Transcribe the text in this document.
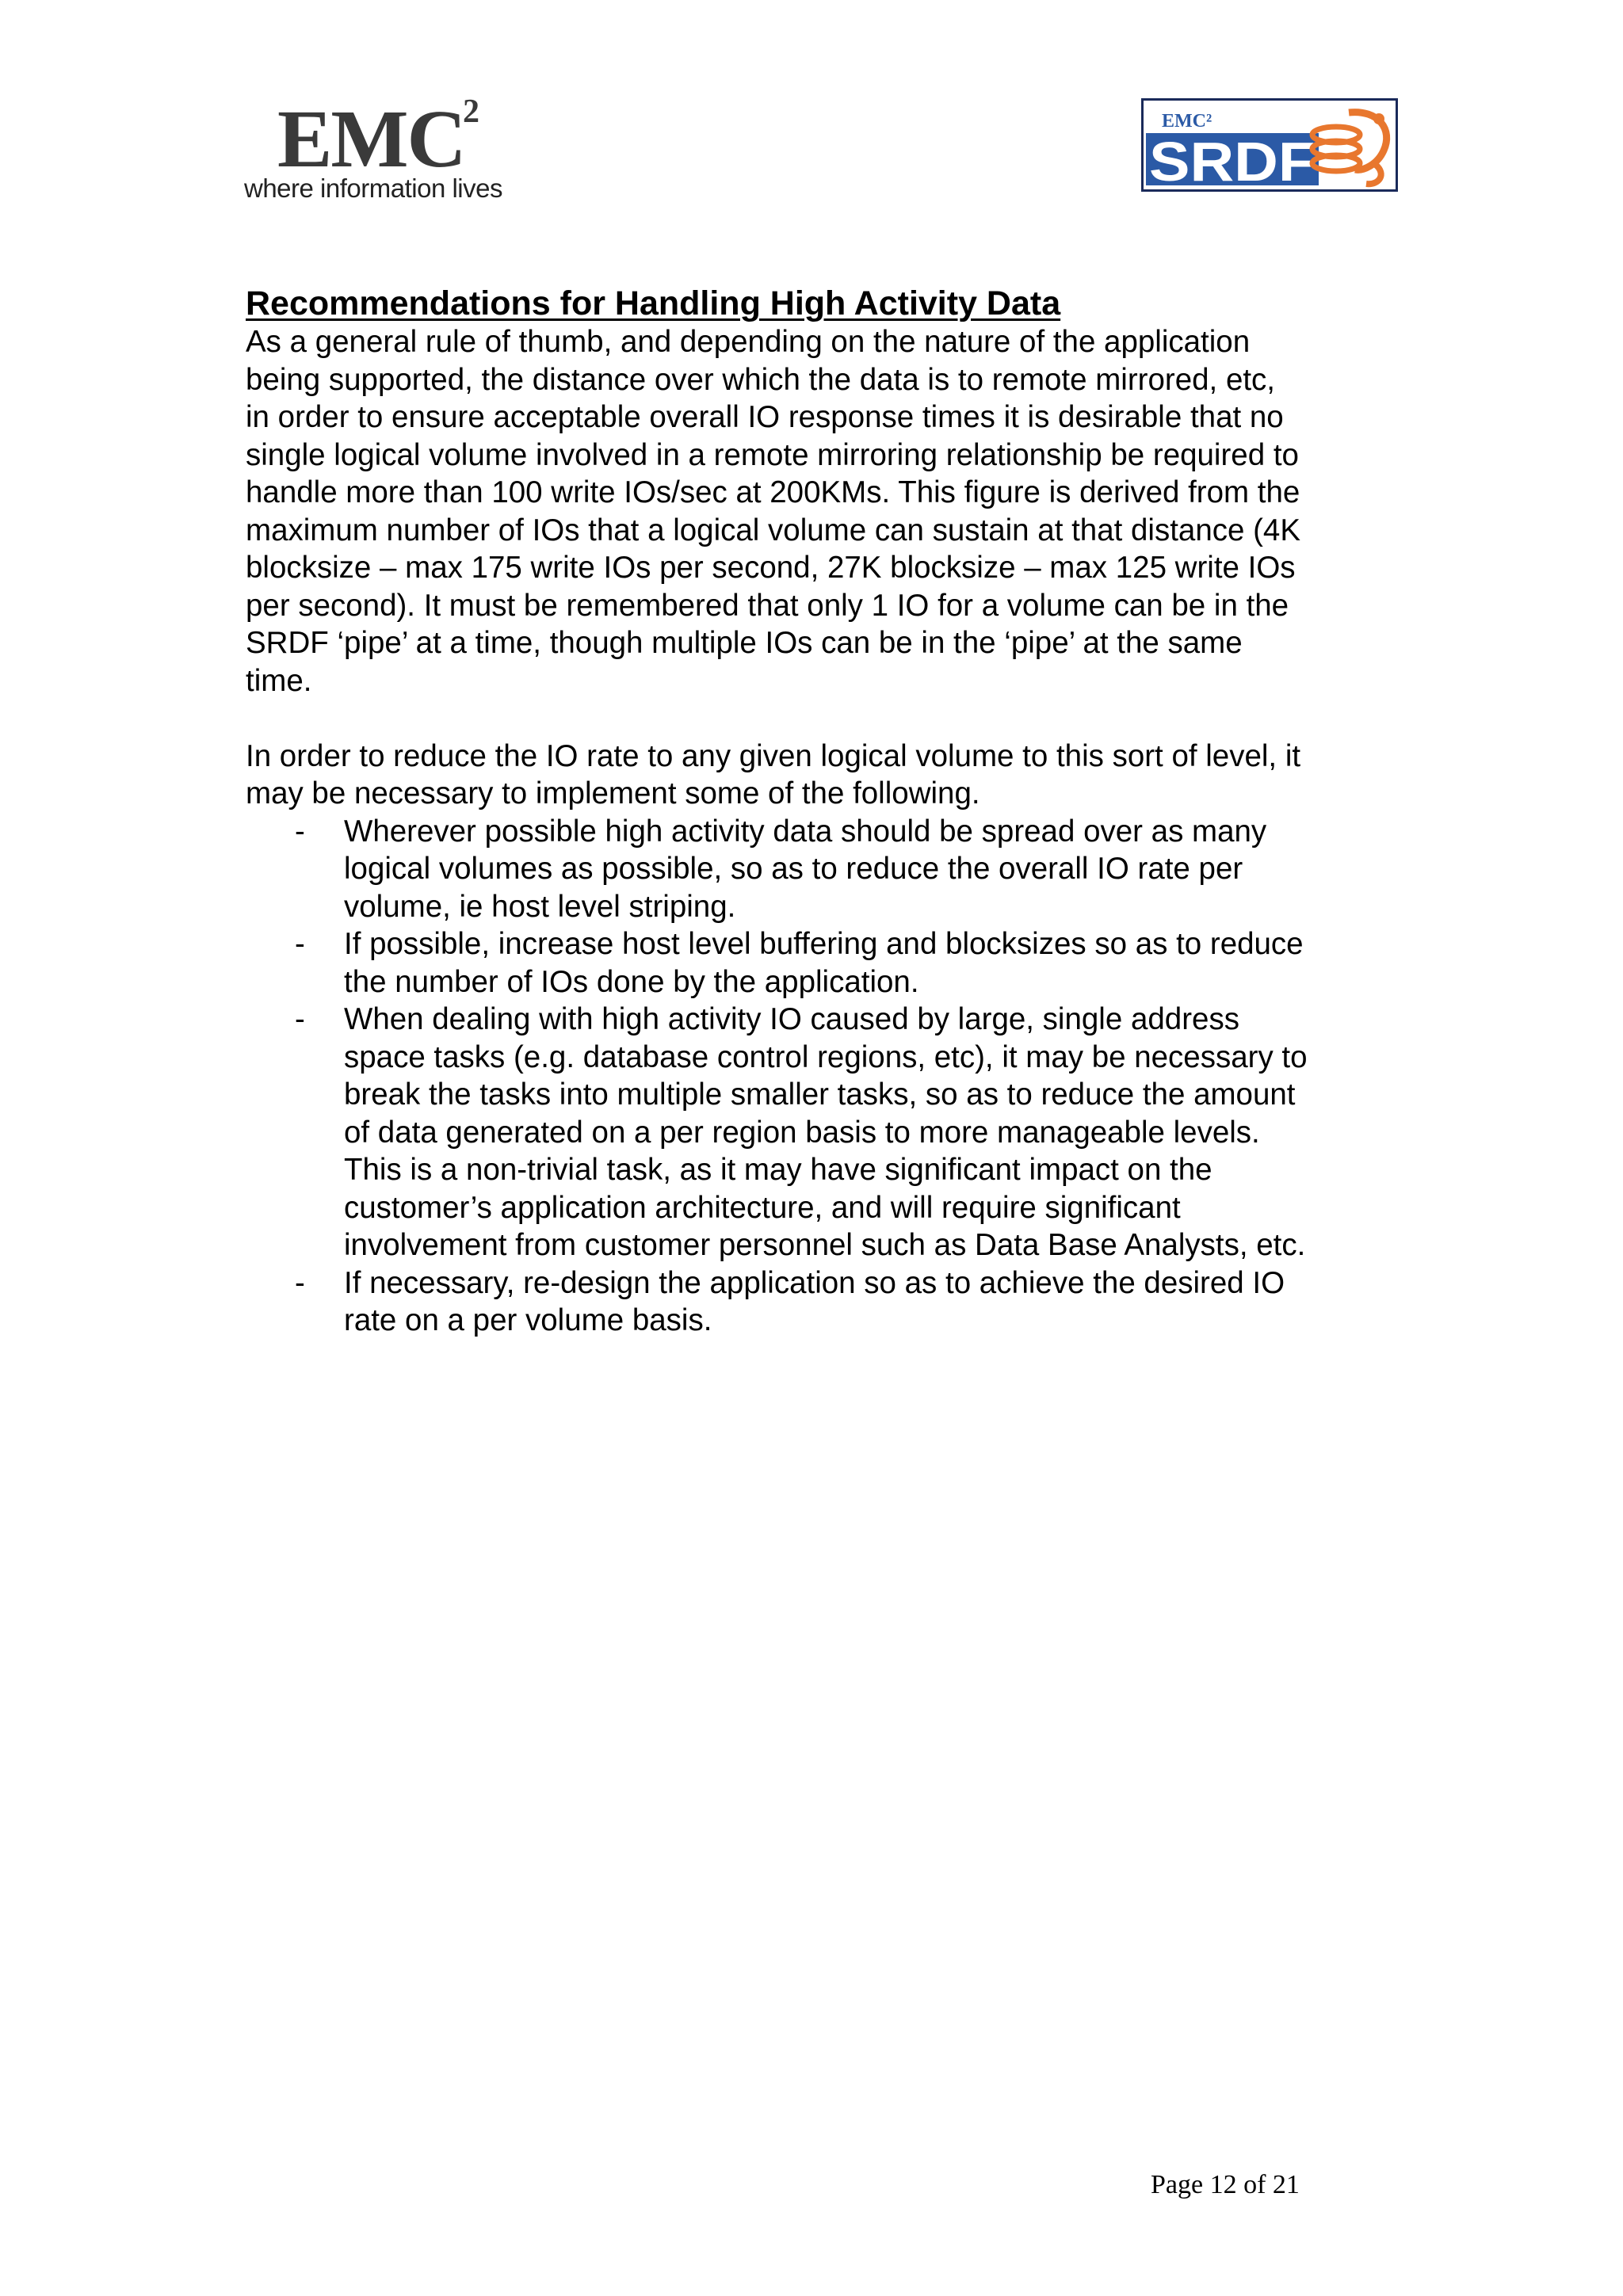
EMC
2
where information lives
EMC²
SRDF
Recommendations for Handling High Activity Data

As a general rule of thumb, and depending on the nature of the application
being supported, the distance over which the data is to remote mirrored, etc,
in order to ensure acceptable overall IO response times it is desirable that no
single logical volume involved in a remote mirroring relationship be required to
handle more than 100 write IOs/sec at 200KMs. This figure is derived from the
maximum number of IOs that a logical volume can sustain at that distance (4K
blocksize – max 175 write IOs per second, 27K blocksize – max 125 write IOs
per second). It must be remembered that only 1 IO for a volume can be in the
SRDF ‘pipe’ at a time, though multiple IOs can be in the ‘pipe’ at the same
time.

In order to reduce the IO rate to any given logical volume to this sort of level, it
may be necessary to implement some of the following.

- Wherever possible high activity data should be spread over as many
logical volumes as possible, so as to reduce the overall IO rate per
volume, ie host level striping.
- If possible, increase host level buffering and blocksizes so as to reduce
the number of IOs done by the application.
- When dealing with high activity IO caused by large, single address
space tasks (e.g. database control regions, etc), it may be necessary to
break the tasks into multiple smaller tasks, so as to reduce the amount
of data generated on a per region basis to more manageable levels.
This is a non-trivial task, as it may have significant impact on the
customer’s application architecture, and will require significant
involvement from customer personnel such as Data Base Analysts, etc.
- If necessary, re-design the application so as to achieve the desired IO
rate on a per volume basis.
Page 12 of 21
